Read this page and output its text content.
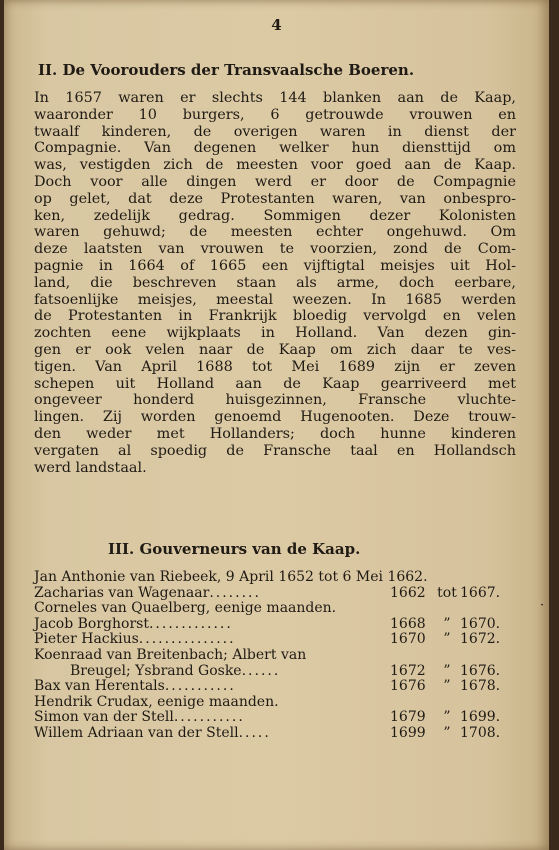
4
II. De Voorouders der Transvaalsche Boeren.
In 1657 waren er slechts 144 blanken aan de Kaap,
waaronder 10 burgers, 6 getrouwde vrouwen en
twaalf kinderen, de overigen waren in dienst der
Compagnie. Van degenen welker hun diensttijd om
was, vestigden zich de meesten voor goed aan de Kaap.
Doch voor alle dingen werd er door de Compagnie
op gelet, dat deze Protestanten waren, van onbespro-
ken, zedelijk gedrag. Sommigen dezer Kolonisten
waren gehuwd; de meesten echter ongehuwd. Om
deze laatsten van vrouwen te voorzien, zond de Com-
pagnie in 1664 of 1665 een vijftigtal meisjes uit Hol-
land, die beschreven staan als arme, doch eerbare,
fatsoenlijke meisjes, meestal weezen. In 1685 werden
de Protestanten in Frankrijk bloedig vervolgd en velen
zochten eene wijkplaats in Holland. Van dezen gin-
gen er ook velen naar de Kaap om zich daar te ves-
tigen. Van April 1688 tot Mei 1689 zijn er zeven
schepen uit Holland aan de Kaap gearriveerd met
ongeveer honderd huisgezinnen, Fransche vluchte-
lingen. Zij worden genoemd Hugenooten. Deze trouw-
den weder met Hollanders; doch hunne kinderen
vergaten al spoedig de Fransche taal en Hollandsch
werd landstaal.
III. Gouverneurs van de Kaap.
Jan Anthonie van Riebeek, 9 April 1652 tot 6 Mei 1662.
Zacharias van Wagenaar ........	1662 tot 1667.
Corneles van Quaelberg, eenige maanden.
Jacob Borghorst .............	1668	” 1670.
Pieter Hackius ...............	1670	” 1672.
Koenraad van Breitenbach; Albert van
Breugel; Ysbrand Goske ......	1672	” 1676.
Bax van Herentals ...........	1676	” 1678.
Hendrik Crudax, eenige maanden.
Simon van der Stell ...........	1679	” 1699.
Willem Adriaan van der Stell .....	1699	” 1708.
·
